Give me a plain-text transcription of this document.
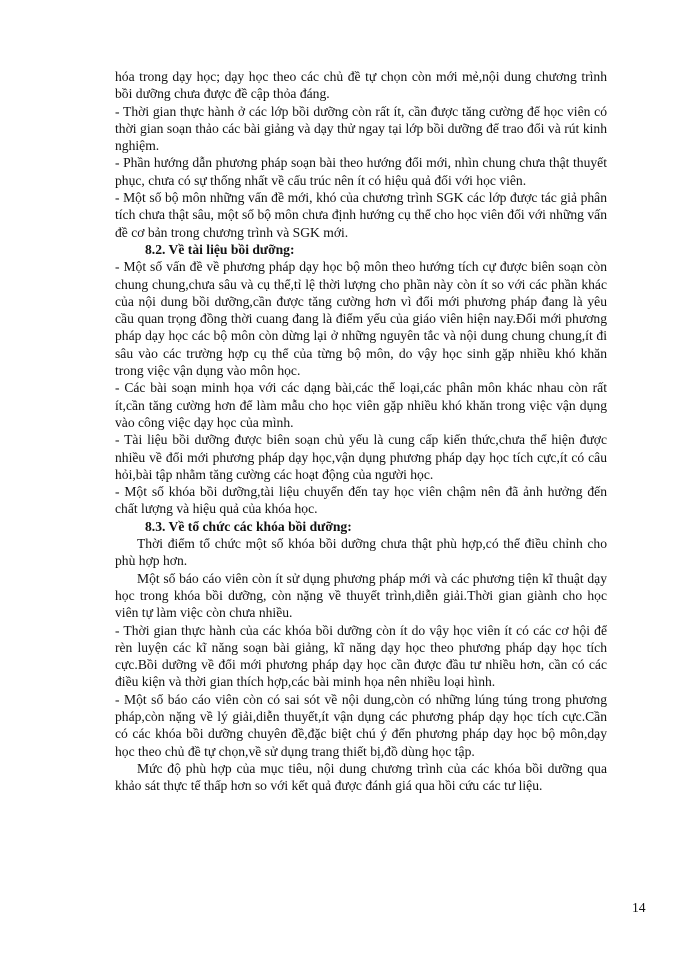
hóa trong dạy học; dạy học theo các chủ đề tự chọn còn mới mẻ,nội dung chương trình bồi dưỡng chưa được đề cập thỏa đáng.

- Thời gian thực hành ở các lớp bồi dưỡng còn rất ít, cần được tăng cường để học viên có thời gian soạn thảo các bài giảng và dạy thử ngay tại lớp bồi dưỡng để trao đổi và rút kinh nghiệm.

- Phần hướng dẫn phương pháp soạn bài theo hướng đổi mới, nhìn chung chưa thật thuyết phục, chưa có sự thống nhất về cấu trúc nên ít có hiệu quả đối với học viên.

- Một số bộ môn những vấn đề mới, khó của chương trình SGK các lớp được tác giả phân tích chưa thật sâu, một số bộ môn chưa định hướng cụ thể cho học viên đối với những vấn đề cơ bản trong chương trình và SGK mới.

8.2. Về tài liệu bồi dưỡng:

- Một số vấn đề về phương pháp dạy học bộ môn theo hướng tích cự được biên soạn còn chung chung,chưa sâu và cụ thể,tỉ lệ thời lượng cho phần này còn ít so với các phần khác của nội dung bồi dưỡng,cần được tăng cường hơn vì đổi mới phương pháp đang là yêu cầu quan trọng đồng thời cuang đang là điểm yếu của giáo viên hiện nay.Đổi mới phương pháp dạy học các bộ môn còn dừng lại ở những nguyên tắc và nội dung chung chung,ít đi sâu vào các trường hợp cụ thể của từng bộ môn, do vậy học sinh gặp nhiều khó khăn trong việc vận dụng vào môn học.

- Các bài soạn minh họa với các dạng bài,các thể loại,các phân môn khác nhau còn rất ít,cần tăng cường hơn để làm mẫu cho học viên gặp nhiều khó khăn trong việc vận dụng vào công việc dạy học của mình.

- Tài liệu bồi dưỡng được biên soạn chủ yếu là cung cấp kiến thức,chưa thể hiện được nhiều về đổi mới phương pháp dạy học,vận dụng phương pháp dạy học tích cực,ít có câu hỏi,bài tập nhằm tăng cường các hoạt động của người học.

- Một số khóa bồi dưỡng,tài liệu chuyển đến tay học viên chậm nên đã ảnh hưởng đến chất lượng và hiệu quả của khóa học.

8.3. Về tổ chức các khóa bồi dưỡng:

Thời điểm tổ chức một số khóa bồi dưỡng chưa thật phù hợp,có thể điều chỉnh cho phù hợp hơn.

Một số báo cáo viên còn ít sử dụng phương pháp mới và các phương tiện kĩ thuật dạy học trong khóa bồi dưỡng, còn nặng về thuyết trình,diễn giải.Thời gian giành cho học viên tự làm việc còn chưa nhiều.

- Thời gian thực hành của các khóa bồi dưỡng còn ít do vậy học viên ít có các cơ hội để rèn luyện các kĩ năng soạn bài giảng, kĩ năng dạy học theo phương pháp dạy học tích cực.Bồi dưỡng về đổi mới phương pháp dạy học cần được đầu tư nhiều hơn, cần có các điều kiện và thời gian thích hợp,các bài minh họa nên nhiều loại hình.

- Một số báo cáo viên còn có sai sót về nội dung,còn có những lúng túng trong phương pháp,còn nặng về lý giải,diễn thuyết,ít vận dụng các phương pháp dạy học tích cực.Cần có các khóa bồi dưỡng chuyên đề,đặc biệt chú ý đến phương pháp dạy học bộ môn,dạy học theo chủ đề tự chọn,về sử dụng trang thiết bị,đồ dùng học tập.

Mức độ phù hợp của mục tiêu, nội dung chương trình của các khóa bồi dưỡng qua khảo sát thực tế thấp hơn so với kết quả được đánh giá qua hồi cứu các tư liệu.

14
